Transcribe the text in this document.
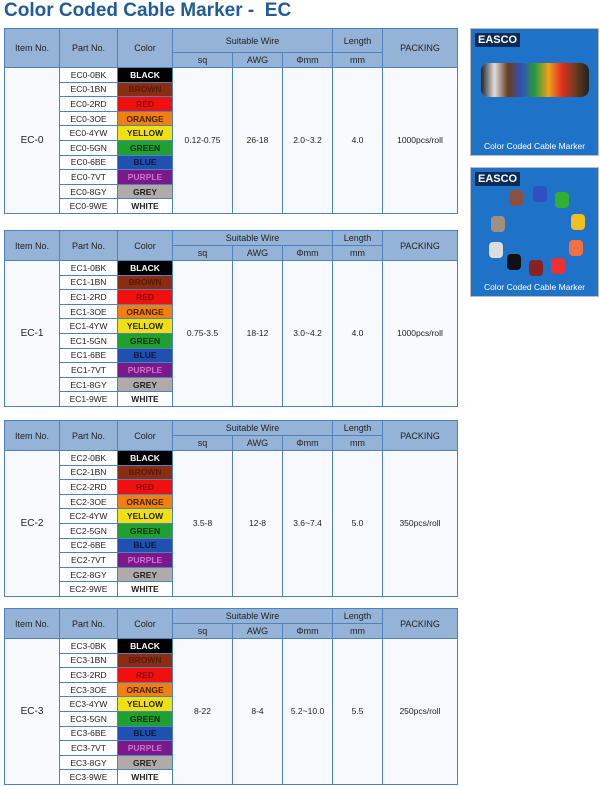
Color Coded Cable Marker -  EC
Item No.	Part No.	Color	Suitable Wire			Length	PACKING
			sq	AWG	Φmm	mm	
EC-0	EC0-0BK	BLACK	0.12-0.75	26-18	2.0~3.2	4.0	1000pcs/roll
	EC0-1BN	BROWN					
	EC0-2RD	RED					
	EC0-3OE	ORANGE					
	EC0-4YW	YELLOW					
	EC0-5GN	GREEN					
	EC0-6BE	BLUE					
	EC0-7VT	PURPLE					
	EC0-8GY	GREY					
	EC0-9WE	WHITE					
Item No.	Part No.	Color	Suitable Wire			Length	PACKING
			sq	AWG	Φmm	mm	
EC-1	EC1-0BK	BLACK	0.75-3.5	18-12	3.0~4.2	4.0	1000pcs/roll
	EC1-1BN	BROWN					
	EC1-2RD	RED					
	EC1-3OE	ORANGE					
	EC1-4YW	YELLOW					
	EC1-5GN	GREEN					
	EC1-6BE	BLUE					
	EC1-7VT	PURPLE					
	EC1-8GY	GREY					
	EC1-9WE	WHITE					
Item No.	Part No.	Color	Suitable Wire			Length	PACKING
			sq	AWG	Φmm	mm	
EC-2	EC2-0BK	BLACK	3.5-8	12-8	3.6~7.4	5.0	350pcs/roll
	EC2-1BN	BROWN					
	EC2-2RD	RED					
	EC2-3OE	ORANGE					
	EC2-4YW	YELLOW					
	EC2-5GN	GREEN					
	EC2-6BE	BLUE					
	EC2-7VT	PURPLE					
	EC2-8GY	GREY					
	EC2-9WE	WHITE					
Item No.	Part No.	Color	Suitable Wire			Length	PACKING
			sq	AWG	Φmm	mm	
EC-3	EC3-0BK	BLACK	8-22	8-4	5.2~10.0	5.5	250pcs/roll
	EC3-1BN	BROWN					
	EC3-2RD	RED					
	EC3-3OE	ORANGE					
	EC3-4YW	YELLOW					
	EC3-5GN	GREEN					
	EC3-6BE	BLUE					
	EC3-7VT	PURPLE					
	EC3-8GY	GREY					
	EC3-9WE	WHITE					
EASCO
Color Coded Cable Marker
EASCO
Color Coded Cable Marker
